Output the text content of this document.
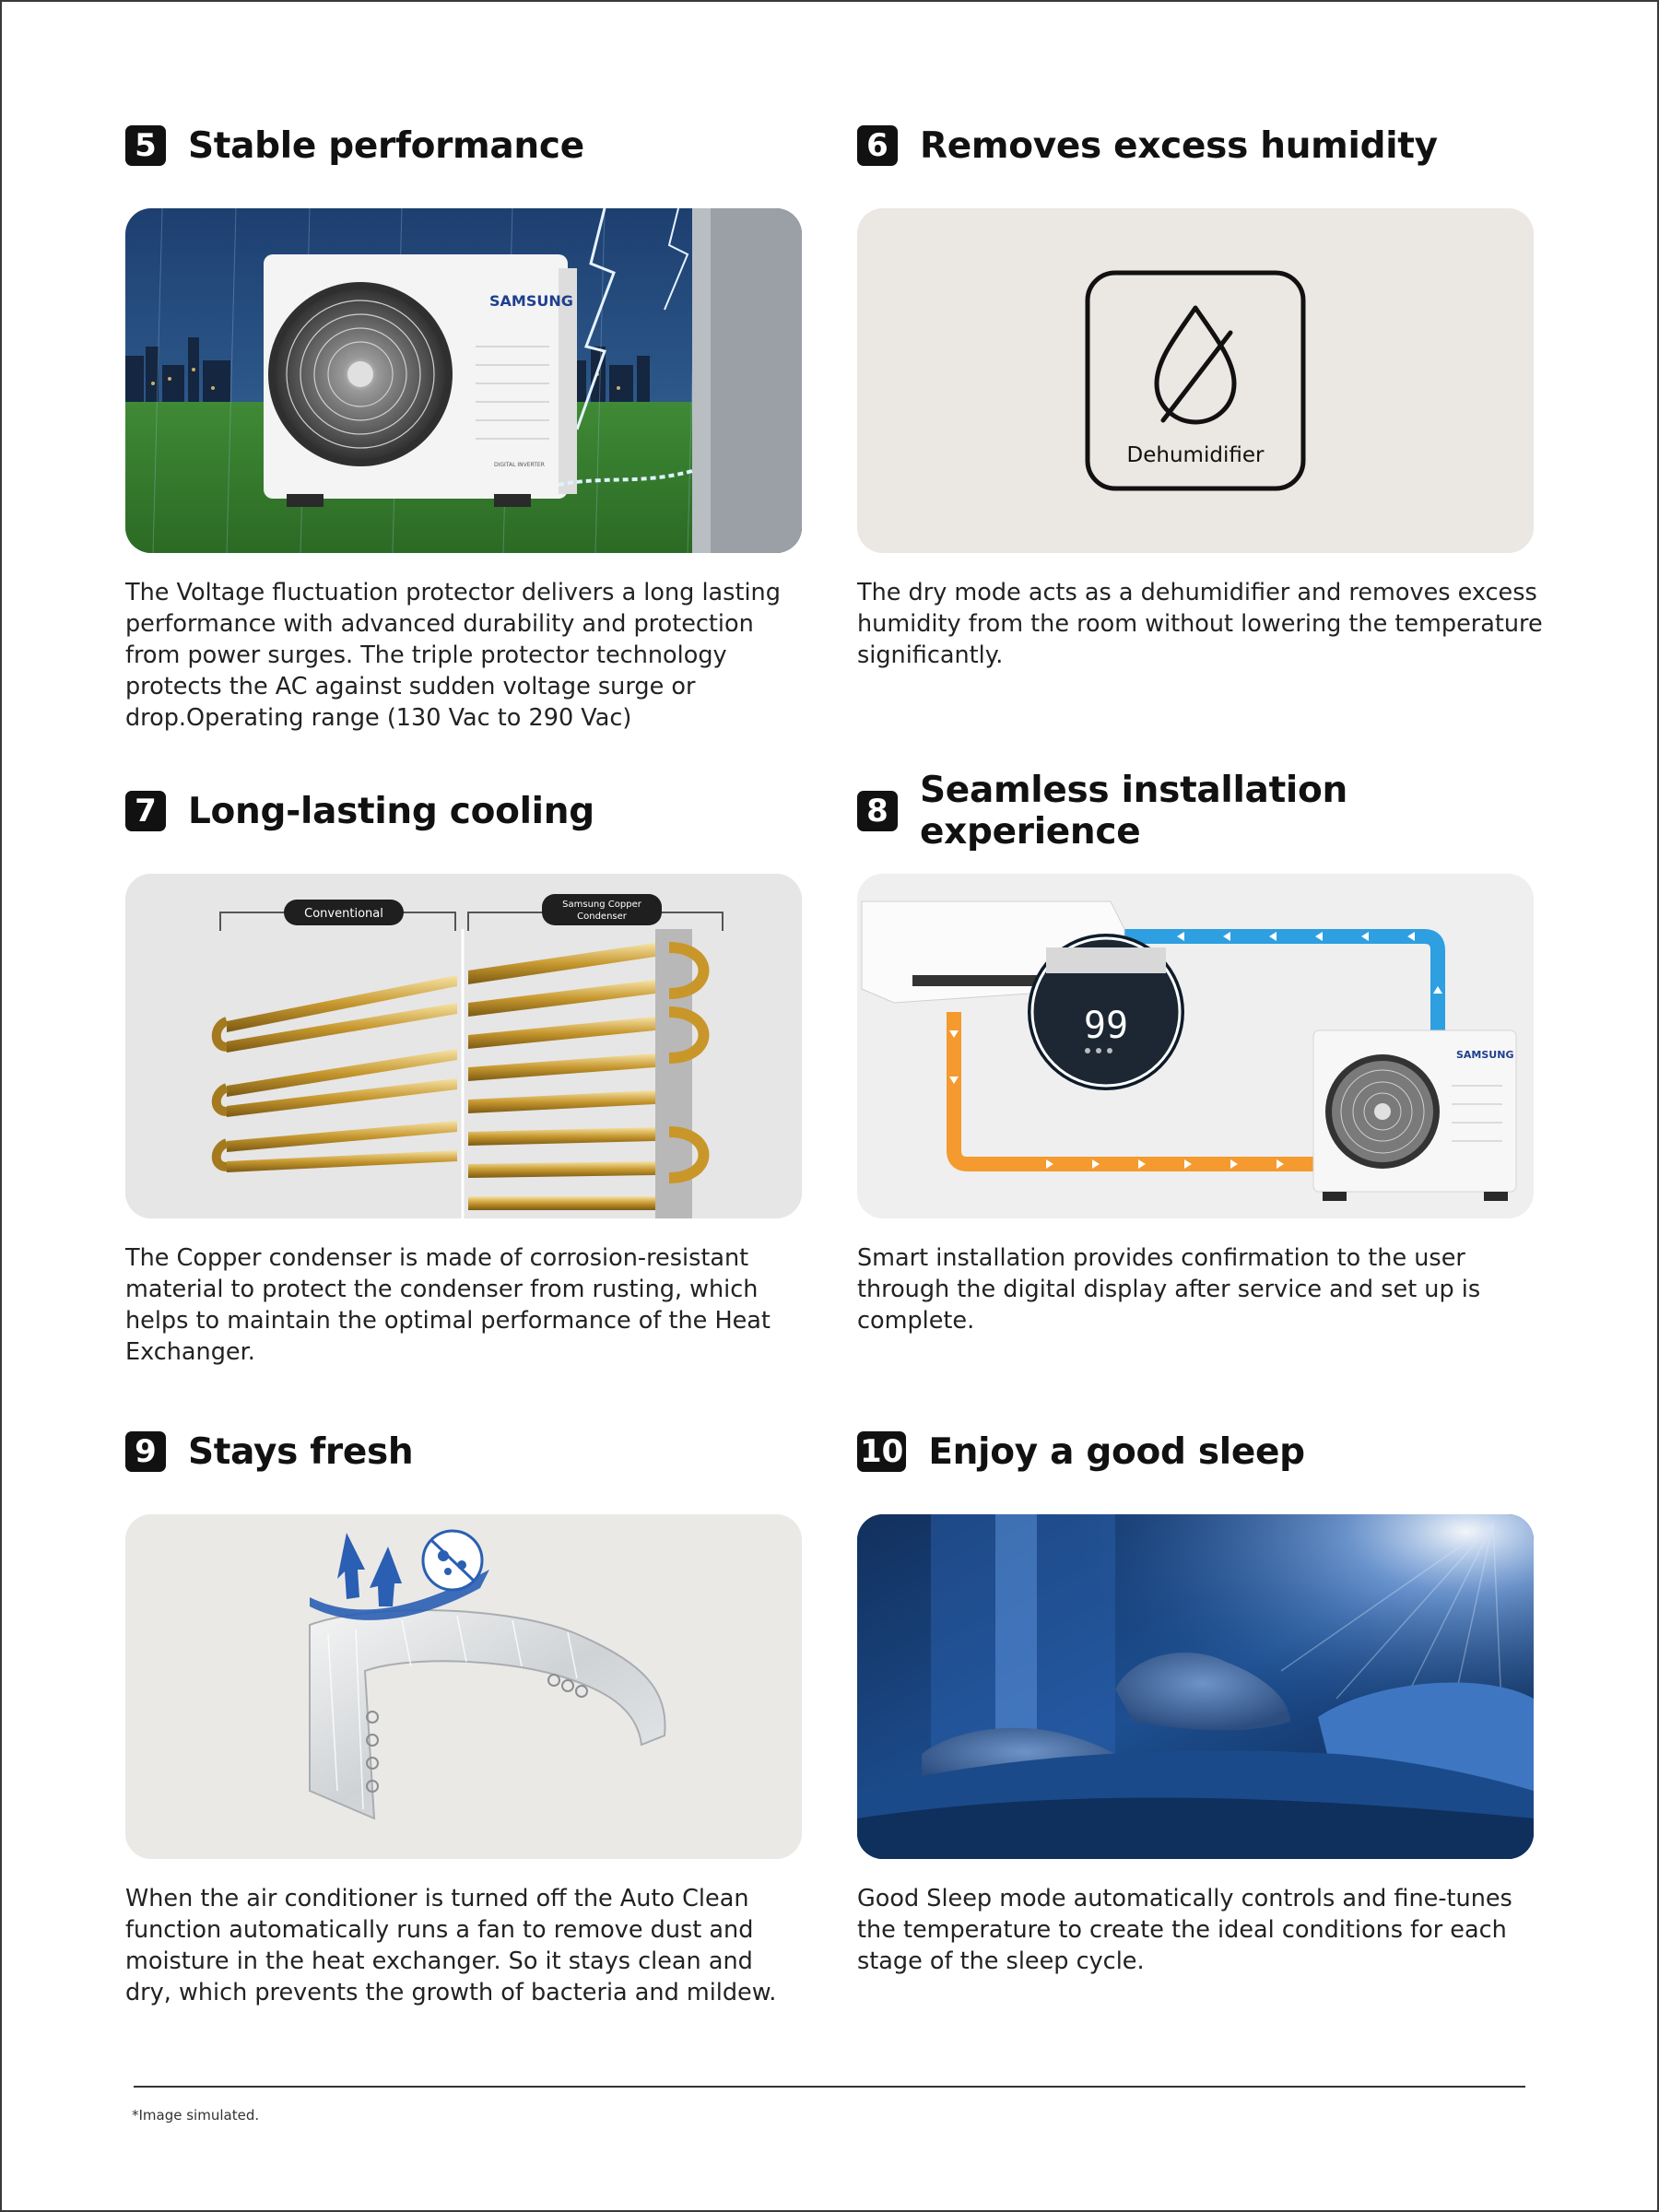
5 Stable performance
SAMSUNG
DIGITAL INVERTER

The Voltage fluctuation protector delivers a long lasting performance with advanced durability and protection from power surges. The triple protector technology protects the AC against sudden voltage surge or drop.Operating range (130 Vac to 290 Vac)

6 Removes excess humidity
Dehumidifier

The dry mode acts as a dehumidifier and removes excess humidity from the room without lowering the temperature significantly.

7 Long-lasting cooling
Conventional
Samsung Copper
Condenser

The Copper condenser is made of corrosion-resistant material to protect the condenser from rusting, which helps to maintain the optimal performance of the Heat Exchanger.

8 Seamless installation experience
99
SAMSUNG

Smart installation provides confirmation to the user through the digital display after service and set up is complete.

9 Stays fresh

When the air conditioner is turned off the Auto Clean function automatically runs a fan to remove dust and moisture in the heat exchanger. So it stays clean and dry, which prevents the growth of bacteria and mildew.

10 Enjoy a good sleep

Good Sleep mode automatically controls and fine-tunes the temperature to create the ideal conditions for each stage of the sleep cycle.

*Image simulated.
